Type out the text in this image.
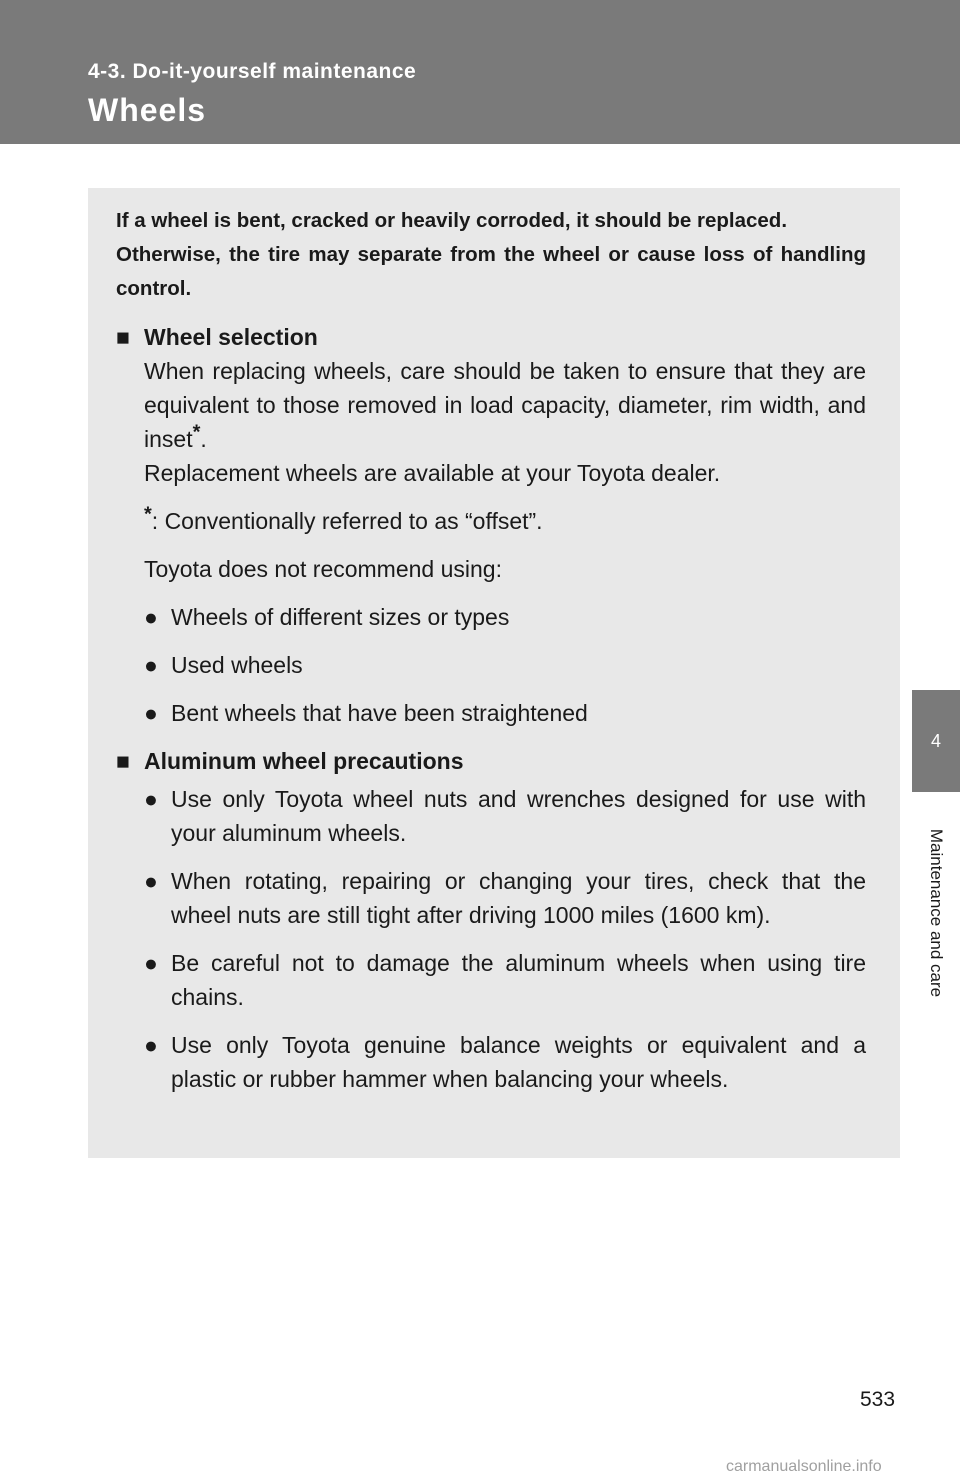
4-3. Do-it-yourself maintenance
Wheels
4
Maintenance and care

If a wheel is bent, cracked or heavily corroded, it should be replaced.
Otherwise, the tire may separate from the wheel or cause loss of handling control.

■ Wheel selection

When replacing wheels, care should be taken to ensure that they are equivalent to those removed in load capacity, diameter, rim width, and inset*.
Replacement wheels are available at your Toyota dealer.

*: Conventionally referred to as “offset”.

Toyota does not recommend using:

● Wheels of different sizes or types
● Used wheels
● Bent wheels that have been straightened
■ Aluminum wheel precautions
● Use only Toyota wheel nuts and wrenches designed for use with your aluminum wheels.
● When rotating, repairing or changing your tires, check that the wheel nuts are still tight after driving 1000 miles (1600 km).
● Be careful not to damage the aluminum wheels when using tire chains.
● Use only Toyota genuine balance weights or equivalent and a plastic or rubber hammer when balancing your wheels.
533
carmanualsonline.info
